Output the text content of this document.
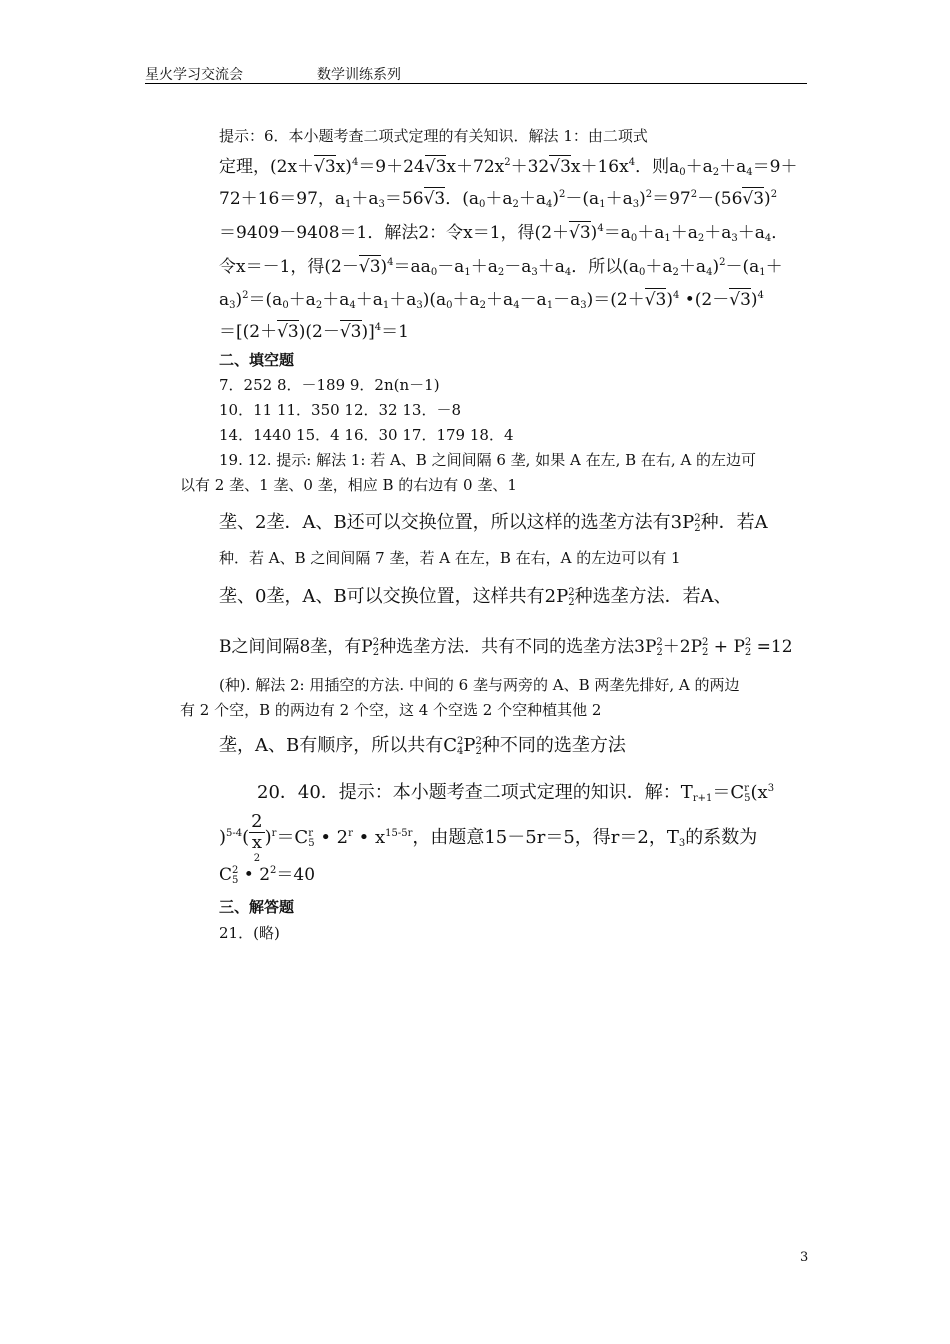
星火学习交流会	数学训练系列
提示：6．本小题考查二项式定理的有关知识．解法 1：由二项式
定理，$(2x+√3x)^4=9+24√3x+72x^2+32√3x+16x^4$．则$a_0+a_2+a_4=9+$
72＋16＝97，$a_1+a_3=56√3$．$(a_0+a_2+a_4)^2-(a_1+a_3)^2=97^2-(56√3)^2$
＝9409－9408＝1．解法2：令x＝1，得$(2+√3)^4=a_0+a_1+a_2+a_3+a_4$．
令x＝－1，得$(2-√3)^4=aa_0-a_1+a_2-a_3+a_4$．所以$(a_0+a_2+a_4)^2-(a_1+$
$a_3)^2=(a_0+a_2+a_4+a_1+a_3)(a_0+a_2+a_4-a_1-a_3)=(2+√3)^4$ $•(2-√3)^4$
$=[(2+√3)(2-√3)]^4=1$
二、填空题
7．252 8．－189 9．2n(n－1)
10．11 11．350 12．32 13．－8
14．1440 15．4 16．30 17．179 18．4
19. 12. 提示: 解法 1: 若 A、B 之间间隔 6 垄, 如果 A 在左, B 在右, A 的左边可
以有 2 垄、1 垄、0 垄，相应 B 的右边有 0 垄、1
垄、2垄．A、B还可以交换位置，所以这样的选垄方法有3P 2
2 种．若A
种．若 A、B 之间间隔 7 垄，若 A 在左，B 在右，A 的左边可以有 1
垄、0垄，A、B可以交换位置，这样共有2P 2
2 种选垄方法．若A、
B之间间隔8垄，有P 2
2 种选垄方法．共有不同的选垄方法3P 2
2 ＋2P 2
2 + P 2
2 =12
(种). 解法 2: 用插空的方法. 中间的 6 垄与两旁的 A、B 两垄先排好, A 的两边
有 2 个空，B 的两边有 2 个空，这 4 个空选 2 个空种植其他 2
垄，A、B有顺序，所以共有C 2
4 P 2
2 种不同的选垄方法
20．40．提示：本小题考查二项式定理的知识．解：$T_{r+1}=C$ r
5 ($x^3$
)$^{5-4}$( 2
x
2 )$^r$＝C r
5 • 2$^r$ • $x^{15-5r}$，由题意15－5r＝5，得r＝2，$T_3$的系数为
C 2
5 • $2^2=40$
三、解答题
21．(略)
3
